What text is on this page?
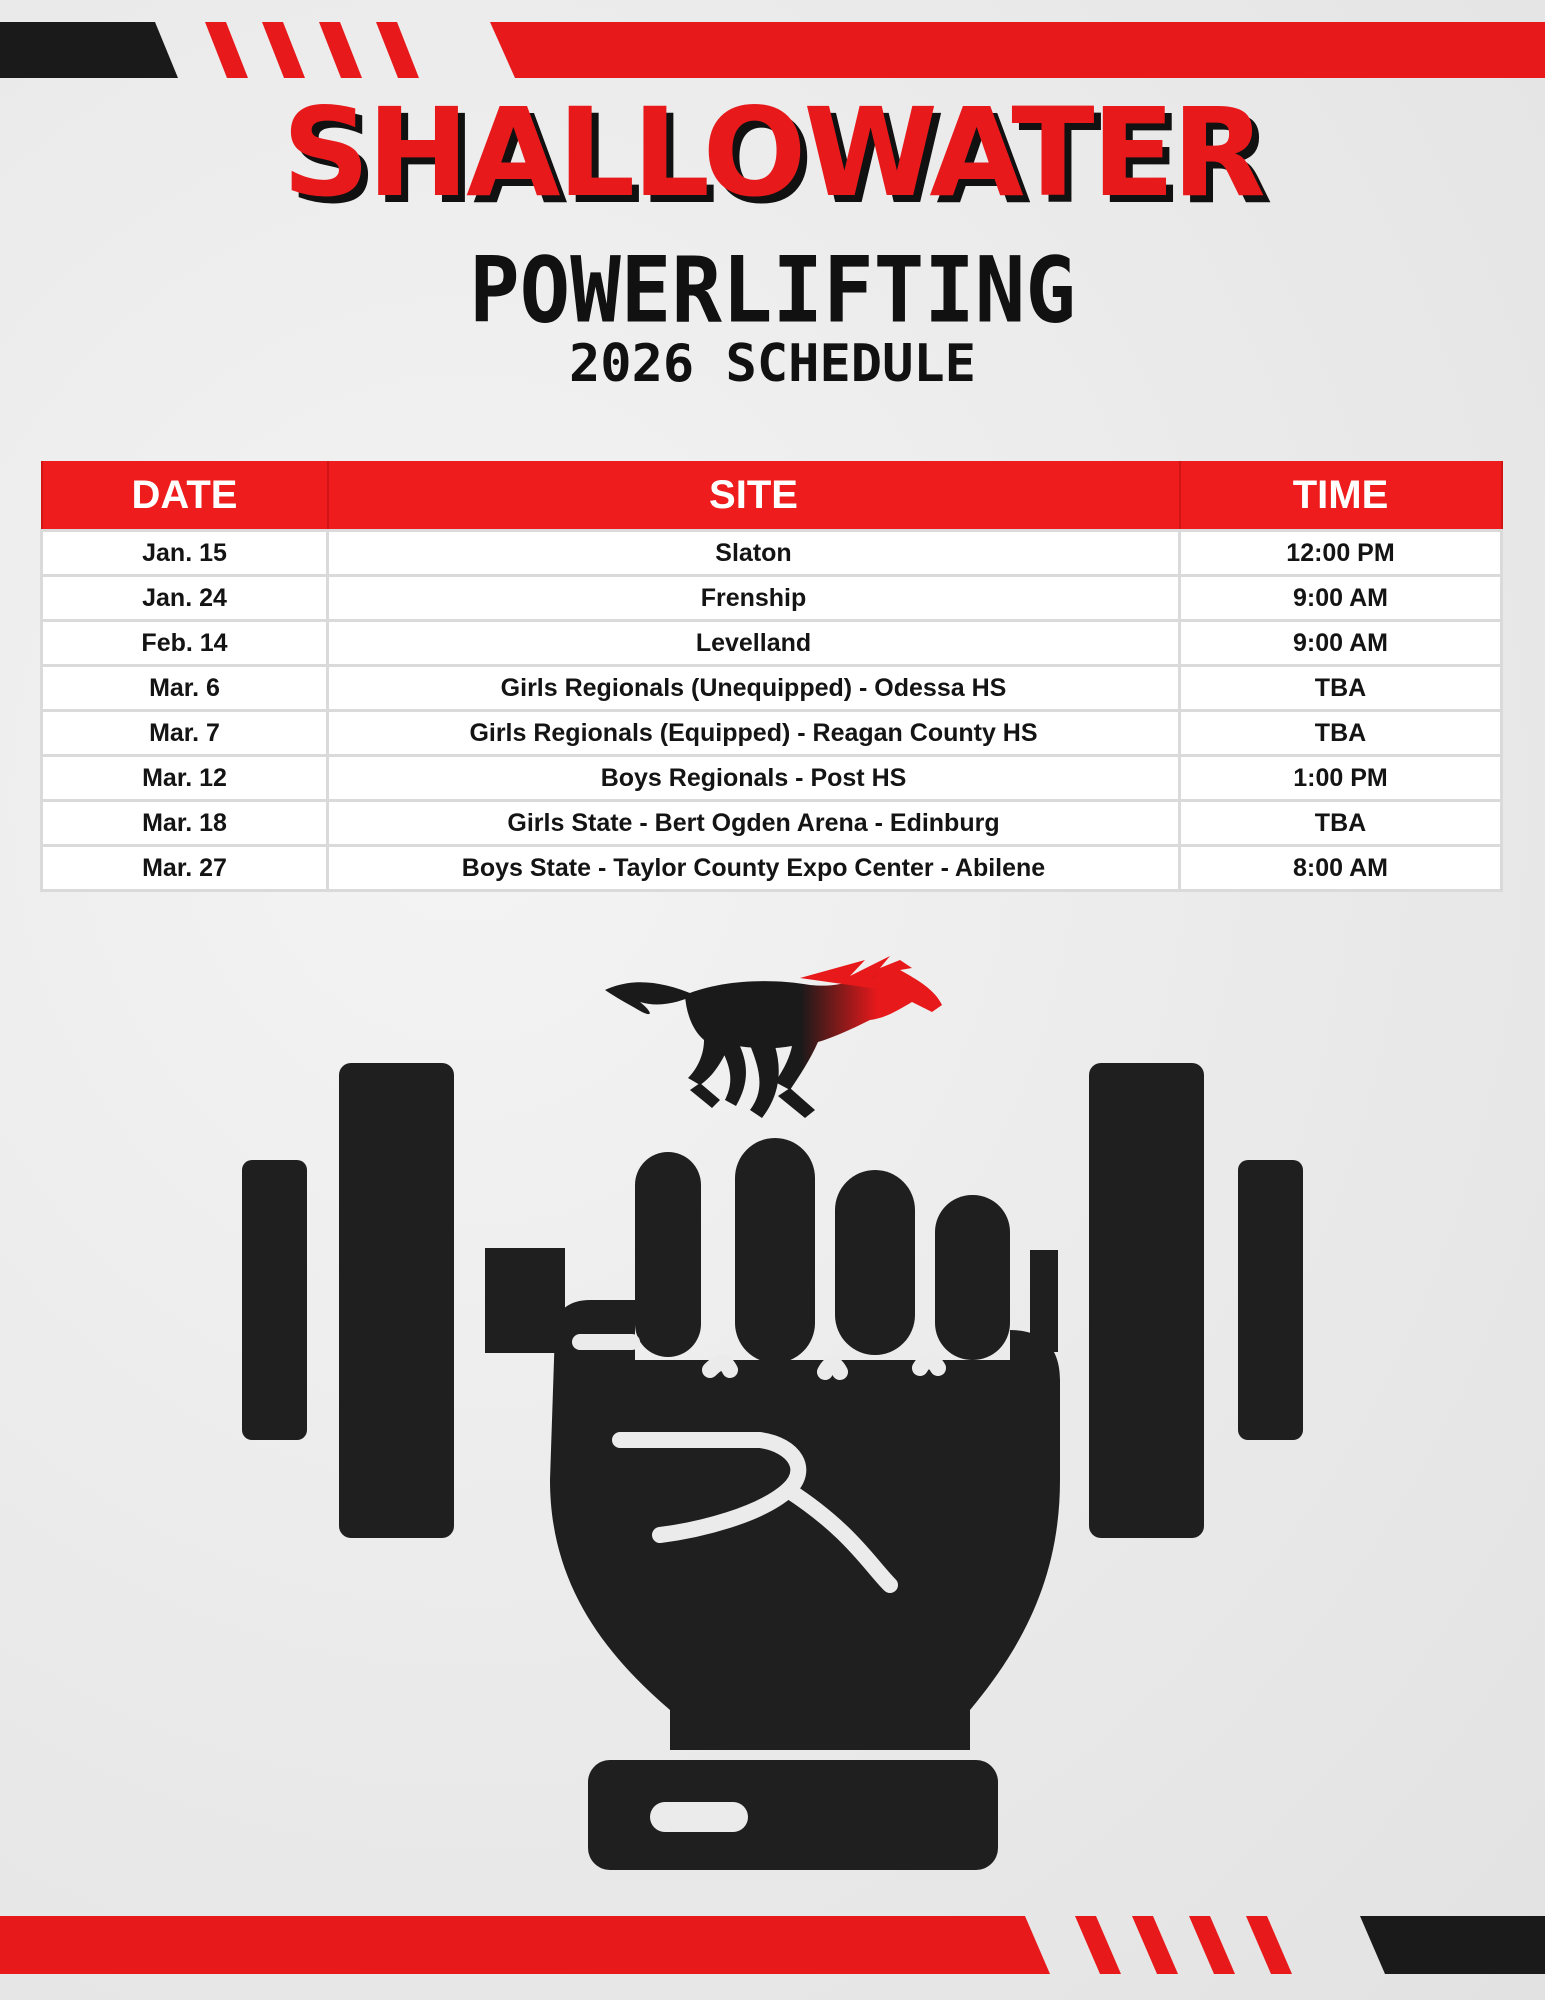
SHALLOWATER
POWERLIFTING
2026 SCHEDULE
DATE	SITE	TIME
Jan. 15	Slaton	12:00 PM
Jan. 24	Frenship	9:00 AM
Feb. 14	Levelland	9:00 AM
Mar. 6	Girls Regionals (Unequipped) - Odessa HS	TBA
Mar. 7	Girls Regionals (Equipped) - Reagan County HS	TBA
Mar. 12	Boys Regionals - Post HS	1:00 PM
Mar. 18	Girls State - Bert Ogden Arena - Edinburg	TBA
Mar. 27	Boys State - Taylor County Expo Center - Abilene	8:00 AM
